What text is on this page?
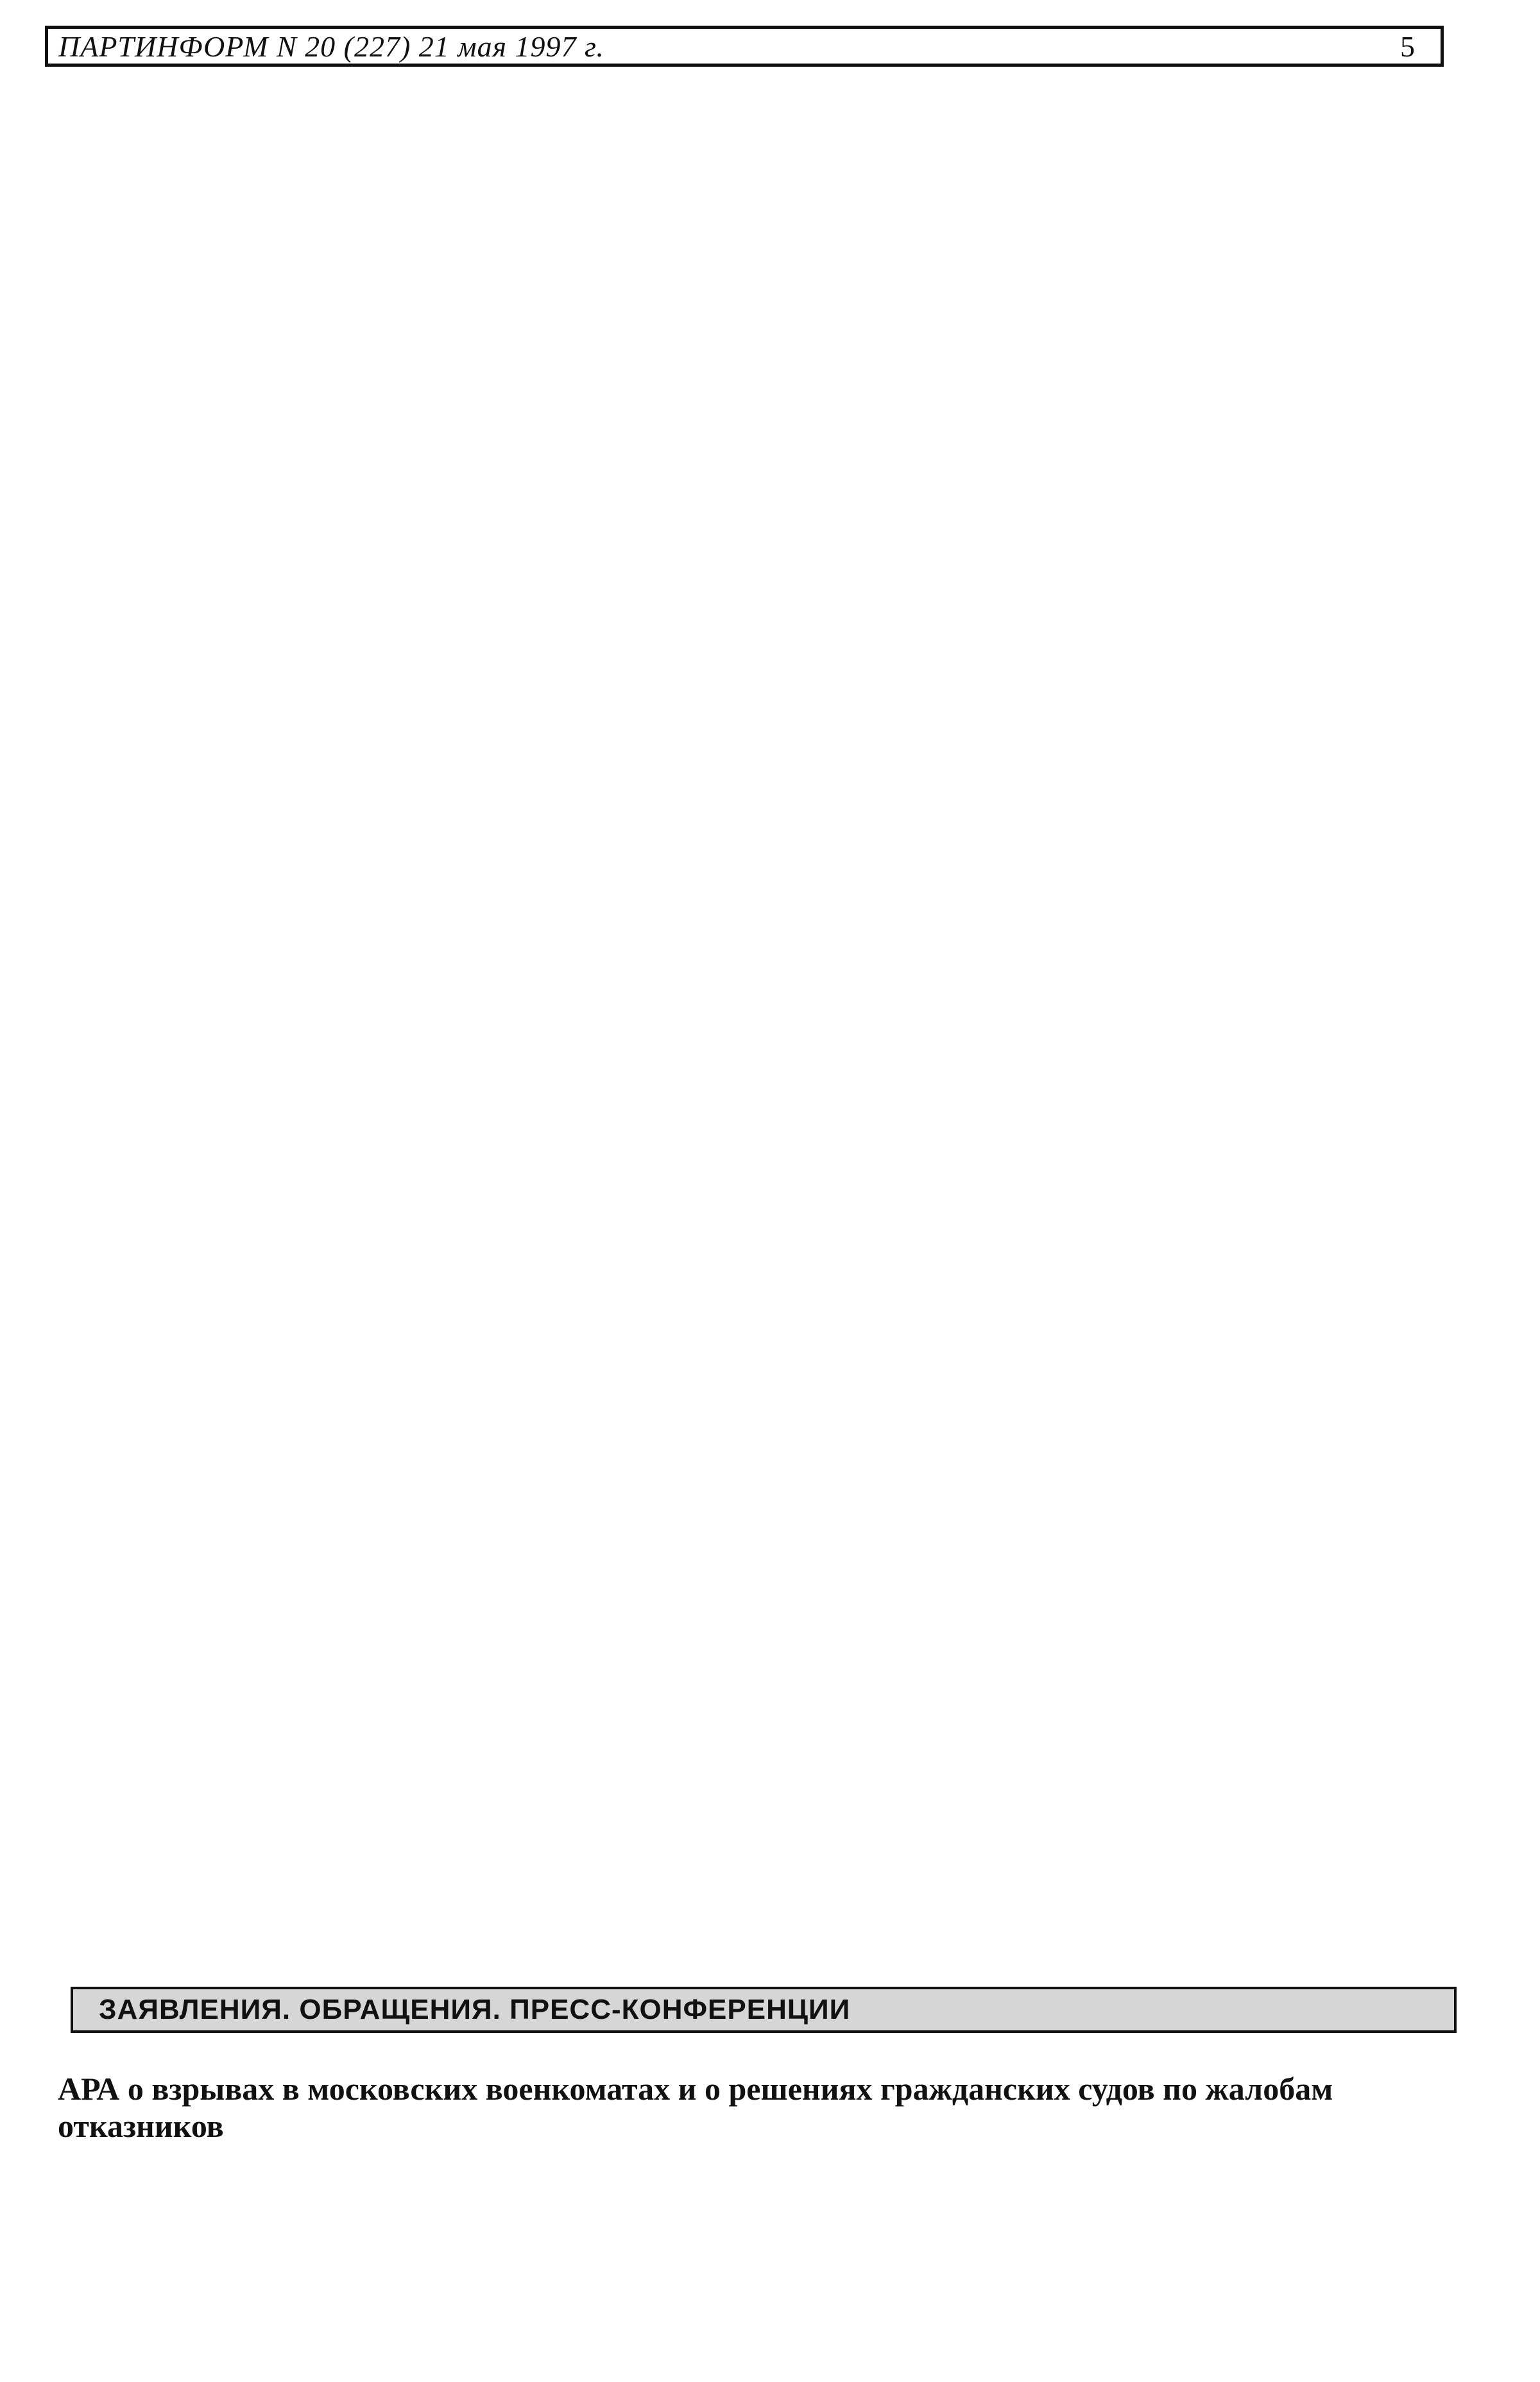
ПАРТИНФОРМ N 20 (227) 21 мая 1997 г.	5
ЗАЯВЛЕНИЯ. ОБРАЩЕНИЯ. ПРЕСС-КОНФЕРЕНЦИИ
АРА о взрывах в московских военкоматах и о решениях гражданских судов по жалобам отказников
